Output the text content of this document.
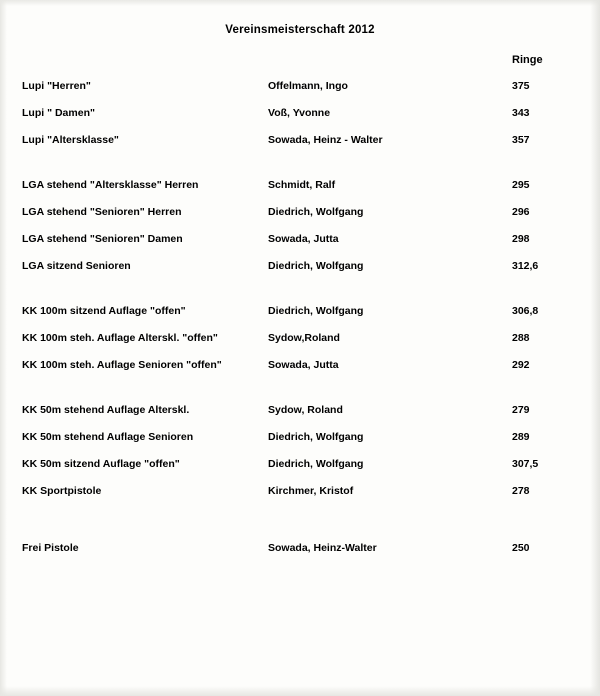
Vereinsmeisterschaft 2012
Ringe
Lupi "Herren"	Offelmann, Ingo	375
Lupi " Damen"	Voß, Yvonne	343
Lupi "Altersklasse"	Sowada, Heinz - Walter	357
LGA stehend "Altersklasse" Herren	Schmidt, Ralf	295
LGA stehend "Senioren" Herren	Diedrich, Wolfgang	296
LGA stehend "Senioren" Damen	Sowada, Jutta	298
LGA sitzend Senioren	Diedrich, Wolfgang	312,6
KK 100m sitzend Auflage "offen"	Diedrich, Wolfgang	306,8
KK 100m steh. Auflage Alterskl. "offen"	Sydow,Roland	288
KK 100m steh. Auflage Senioren "offen"	Sowada, Jutta	292
KK 50m stehend Auflage Alterskl.	Sydow, Roland	279
KK 50m stehend Auflage Senioren	Diedrich, Wolfgang	289
KK 50m sitzend Auflage "offen"	Diedrich, Wolfgang	307,5
KK Sportpistole	Kirchmer, Kristof	278
Frei Pistole	Sowada, Heinz-Walter	250
